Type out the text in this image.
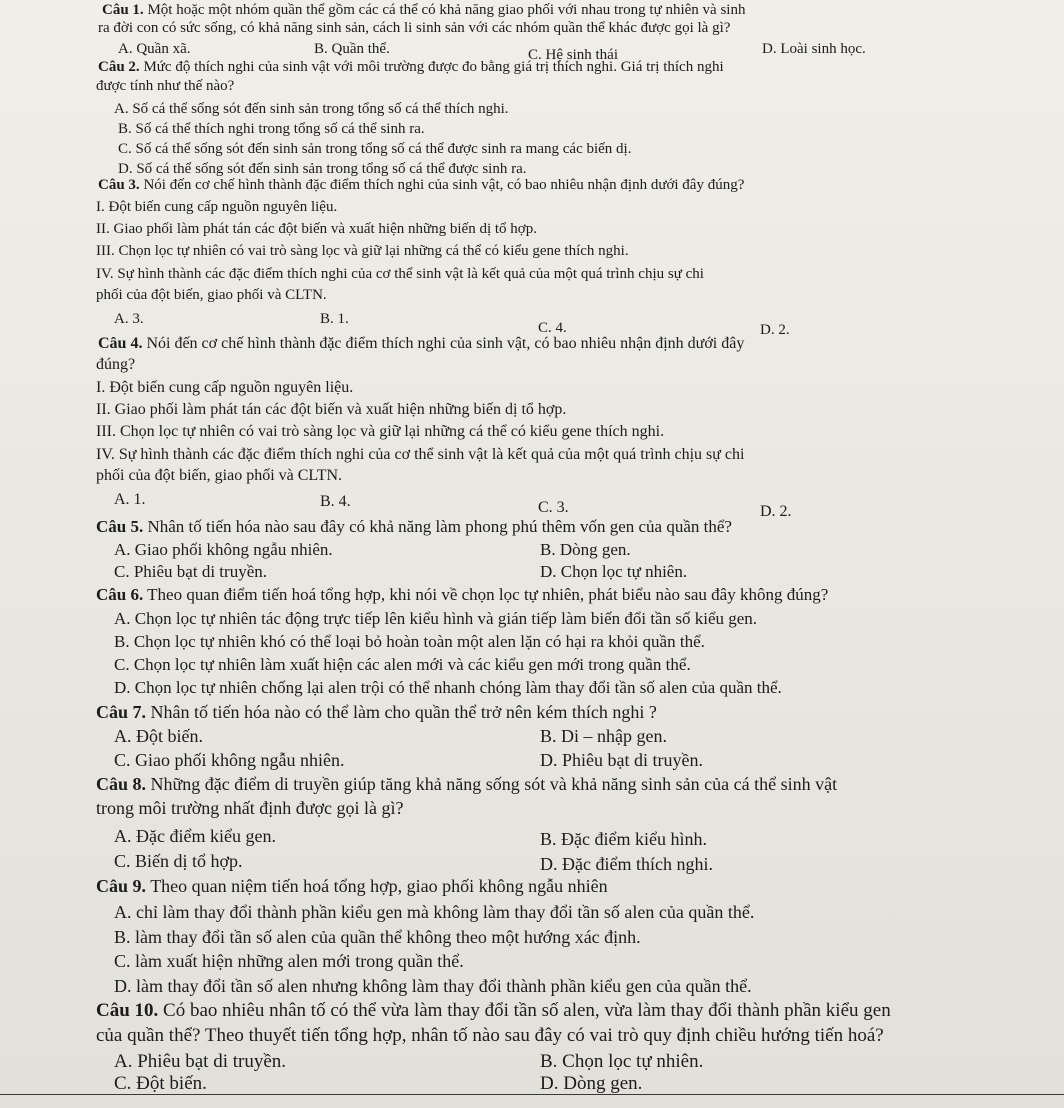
Câu 1. Một hoặc một nhóm quần thể gồm các cá thể có khả năng giao phối với nhau trong tự nhiên và sinh
ra đời con có sức sống, có khả năng sinh sản, cách li sinh sản với các nhóm quần thể khác được gọi là gì?
A. Quần xã.	B. Quần thể.	C. Hệ sinh thái	D. Loài sinh học.
Câu 2. Mức độ thích nghi của sinh vật với môi trường được đo bằng giá trị thích nghi. Giá trị thích nghi
được tính như thế nào?
A. Số cá thể sống sót đến sinh sản trong tổng số cá thể thích nghi.
B. Số cá thể thích nghi trong tổng số cá thể sinh ra.
C. Số cá thể sống sót đến sinh sản trong tổng số cá thể được sinh ra mang các biến dị.
D. Số cá thể sống sót đến sinh sản trong tổng số cá thể được sinh ra.
Câu 3. Nói đến cơ chế hình thành đặc điểm thích nghi của sinh vật, có bao nhiêu nhận định dưới đây đúng?
I. Đột biến cung cấp nguồn nguyên liệu.
II. Giao phối làm phát tán các đột biến và xuất hiện những biến dị tổ hợp.
III. Chọn lọc tự nhiên có vai trò sàng lọc và giữ lại những cá thể có kiểu gene thích nghi.
IV. Sự hình thành các đặc điểm thích nghi của cơ thể sinh vật là kết quả của một quá trình chịu sự chi
phối của đột biến, giao phối và CLTN.
A. 3.	B. 1.
C. 4.	D. 2.
Câu 4. Nói đến cơ chế hình thành đặc điểm thích nghi của sinh vật, có bao nhiêu nhận định dưới đây
đúng?
I. Đột biến cung cấp nguồn nguyên liệu.
II. Giao phối làm phát tán các đột biến và xuất hiện những biến dị tổ hợp.
III. Chọn lọc tự nhiên có vai trò sàng lọc và giữ lại những cá thể có kiểu gene thích nghi.
IV. Sự hình thành các đặc điểm thích nghi của cơ thể sinh vật là kết quả của một quá trình chịu sự chi
phối của đột biến, giao phối và CLTN.
A. 1.	B. 4.	C. 3.	D. 2.
Câu 5. Nhân tố tiến hóa nào sau đây có khả năng làm phong phú thêm vốn gen của quần thể?
A. Giao phối không ngẫu nhiên.	B. Dòng gen.
C. Phiêu bạt di truyền.	D. Chọn lọc tự nhiên.
Câu 6. Theo quan điểm tiến hoá tổng hợp, khi nói về chọn lọc tự nhiên, phát biểu nào sau đây không đúng?
A. Chọn lọc tự nhiên tác động trực tiếp lên kiểu hình và gián tiếp làm biến đổi tần số kiểu gen.
B. Chọn lọc tự nhiên khó có thể loại bỏ hoàn toàn một alen lặn có hại ra khỏi quần thể.
C. Chọn lọc tự nhiên làm xuất hiện các alen mới và các kiểu gen mới trong quần thể.
D. Chọn lọc tự nhiên chống lại alen trội có thể nhanh chóng làm thay đổi tần số alen của quần thể.
Câu 7. Nhân tố tiến hóa nào có thể làm cho quần thể trở nên kém thích nghi ?
A. Đột biến.	B. Di – nhập gen.
C. Giao phối không ngẫu nhiên.	D. Phiêu bạt di truyền.
Câu 8. Những đặc điểm di truyền giúp tăng khả năng sống sót và khả năng sinh sản của cá thể sinh vật
trong môi trường nhất định được gọi là gì?
A. Đặc điểm kiểu gen.	B. Đặc điểm kiểu hình.
C. Biến dị tổ hợp.	D. Đặc điểm thích nghi.
Câu 9. Theo quan niệm tiến hoá tổng hợp, giao phối không ngẫu nhiên
A. chỉ làm thay đổi thành phần kiểu gen mà không làm thay đổi tần số alen của quần thể.
B. làm thay đổi tần số alen của quần thể không theo một hướng xác định.
C. làm xuất hiện những alen mới trong quần thể.
D. làm thay đổi tần số alen nhưng không làm thay đổi thành phần kiểu gen của quần thể.
Câu 10. Có bao nhiêu nhân tố có thể vừa làm thay đổi tần số alen, vừa làm thay đổi thành phần kiểu gen
của quần thể? Theo thuyết tiến tổng hợp, nhân tố nào sau đây có vai trò quy định chiều hướng tiến hoá?
A. Phiêu bạt di truyền.	B. Chọn lọc tự nhiên.
C. Đột biến.	D. Dòng gen.
